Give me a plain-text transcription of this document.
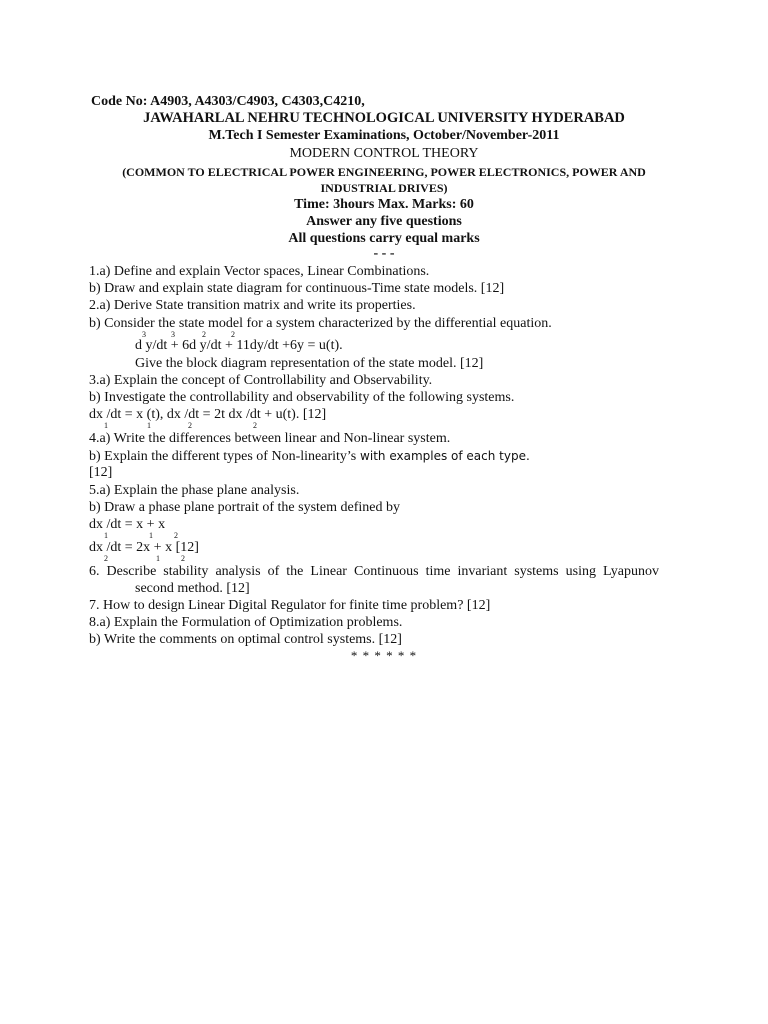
Code No: A4903, A4303/C4903, C4303,C4210,
JAWAHARLAL NEHRU TECHNOLOGICAL UNIVERSITY HYDERABAD
M.Tech I Semester Examinations, October/November-2011
MODERN CONTROL THEORY
(COMMON TO ELECTRICAL POWER ENGINEERING, POWER ELECTRONICS, POWER AND
INDUSTRIAL DRIVES)
Time: 3hours Max. Marks: 60
Answer any five questions
All questions carry equal marks
- - -
1.a) Define and explain Vector spaces, Linear Combinations.
b) Draw and explain state diagram for continuous-Time state models. [12]
2.a) Derive State transition matrix and write its properties.
b) Consider the state model for a system characterized by the differential equation.
d y/dt + 6d y/dt + 11dy/dt +6y = u(t).
3	3	2	2
Give the block diagram representation of the state model. [12]
3.a) Explain the concept of Controllability and Observability.
b) Investigate the controllability and observability of the following systems.
dx /dt = x (t), dx /dt = 2t dx /dt + u(t). [12]
1	1	2	2
4.a) Write the differences between linear and Non-linear system.
b) Explain the different types of Non-linearity’s with examples of each type.
[12]
5.a) Explain the phase plane analysis.
b) Draw a phase plane portrait of the system defined by
dx /dt = x + x
1	1	2
dx /dt = 2x + x [12]
2	1	2
6. Describe stability analysis of the Linear Continuous time invariant systems using Lyapunov
second method. [12]
7. How to design Linear Digital Regulator for finite time problem? [12]
8.a) Explain the Formulation of Optimization problems.
b) Write the comments on optimal control systems. [12]
* * * * * *
